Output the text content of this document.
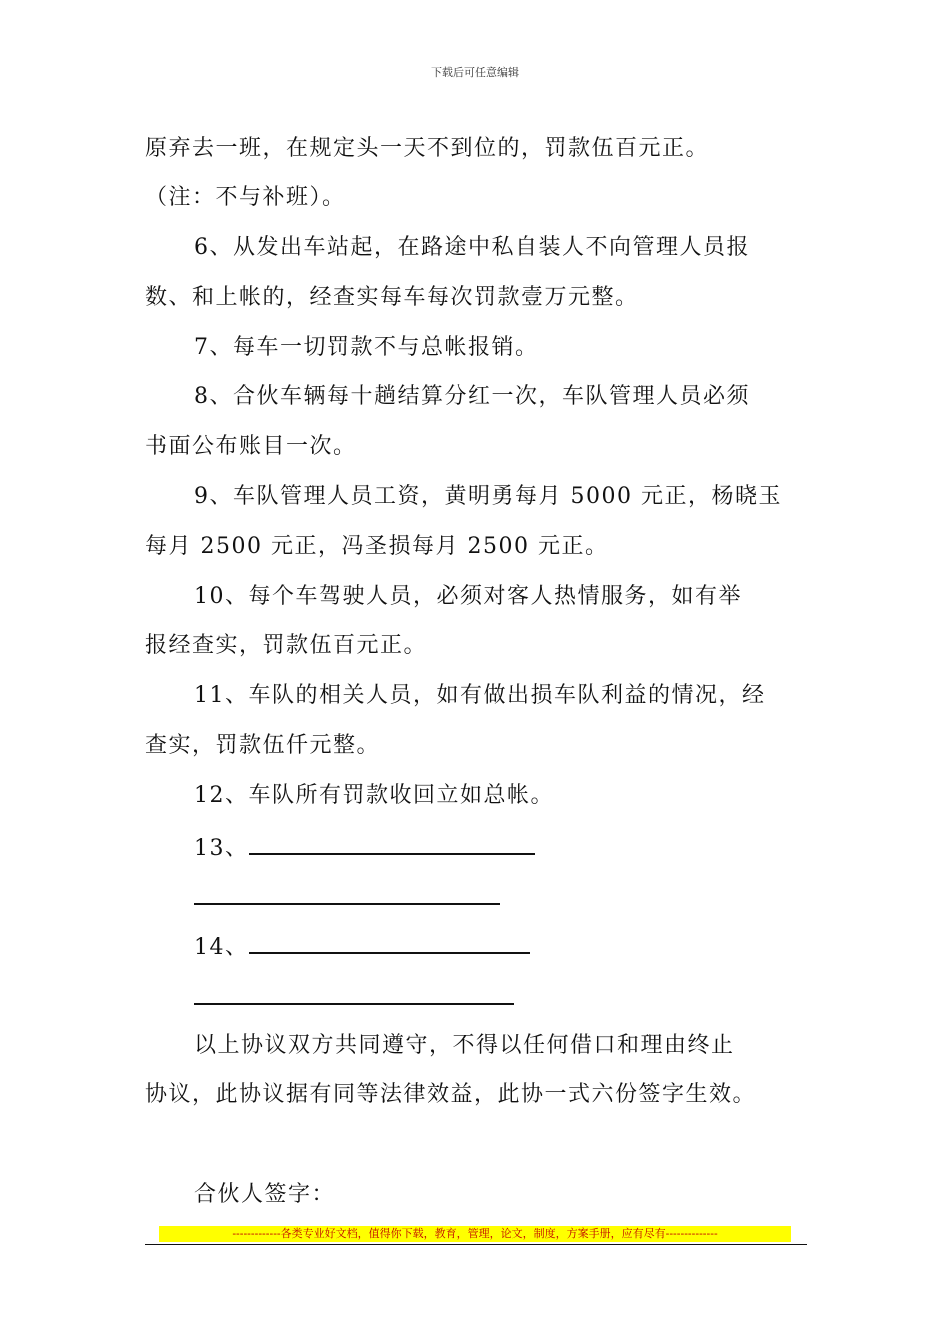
下载后可任意编辑
原弃去一班，在规定头一天不到位的，罚款伍百元正。
（注：不与补班）。
6、从发出车站起，在路途中私自装人不向管理人员报
数、和上帐的，经查实每车每次罚款壹万元整。
7、每车一切罚款不与总帐报销。
8、合伙车辆每十趟结算分红一次，车队管理人员必须
书面公布账目一次。
9、车队管理人员工资，黄明勇每月 5000 元正，杨晓玉
每月 2500 元正，冯圣损每月 2500 元正。
10、每个车驾驶人员，必须对客人热情服务，如有举
报经查实，罚款伍百元正。
11、车队的相关人员，如有做出损车队利益的情况，经
查实，罚款伍仟元整。
12、车队所有罚款收回立如总帐。
13、
14、
以上协议双方共同遵守，不得以任何借口和理由终止
协议，此协议据有同等法律效益，此协一式六份签字生效。
合伙人签字：
-------------各类专业好文档，值得你下载，教育，管理，论文，制度，方案手册，应有尽有--------------
